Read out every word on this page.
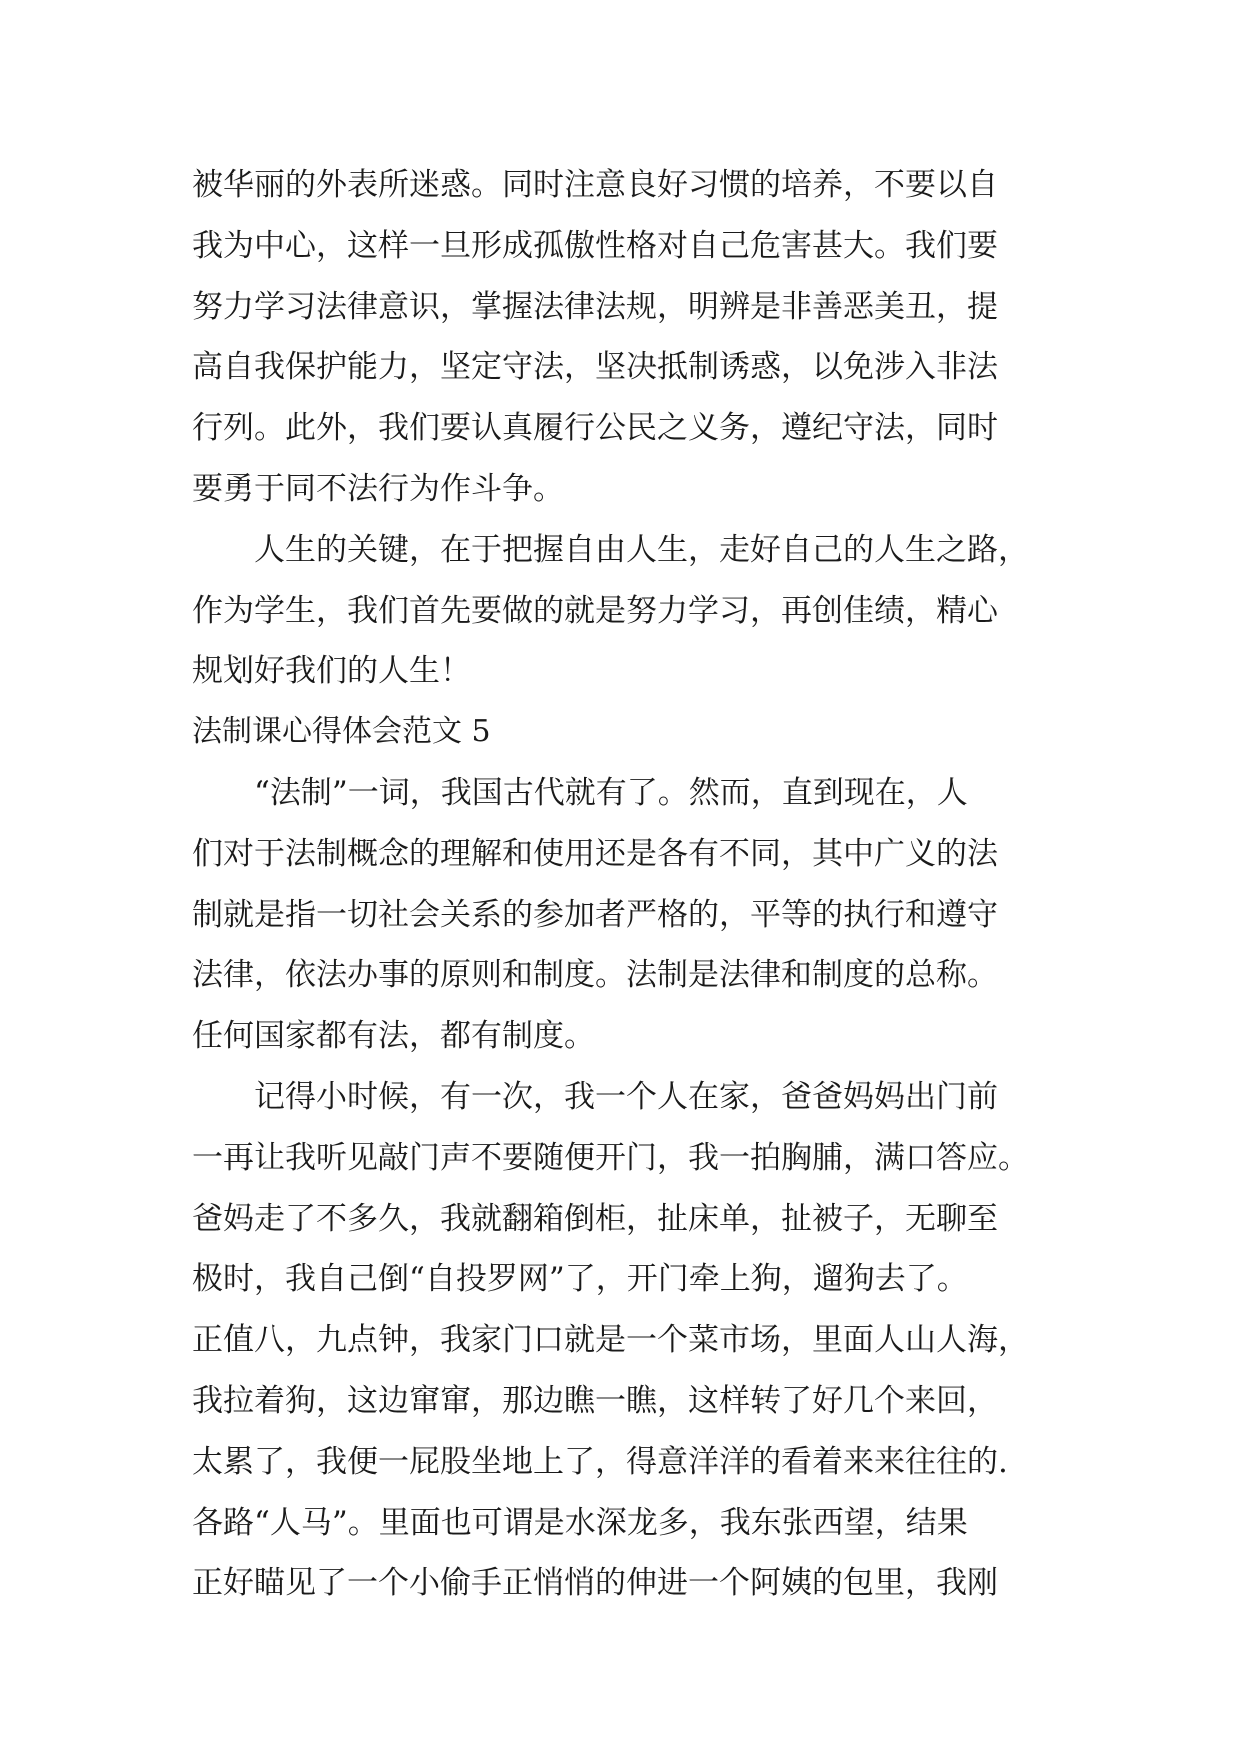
被华丽的外表所迷惑。同时注意良好习惯的培养，不要以自
我为中心，这样一旦形成孤傲性格对自己危害甚大。我们要
努力学习法律意识，掌握法律法规，明辨是非善恶美丑，提
高自我保护能力，坚定守法，坚决抵制诱惑，以免涉入非法
行列。此外，我们要认真履行公民之义务，遵纪守法，同时
要勇于同不法行为作斗争。
人生的关键，在于把握自由人生，走好自己的人生之路，
作为学生，我们首先要做的就是努力学习，再创佳绩，精心
规划好我们的人生！
法制课心得体会范文 5
“法制”一词，我国古代就有了。然而，直到现在，人
们对于法制概念的理解和使用还是各有不同，其中广义的法
制就是指一切社会关系的参加者严格的，平等的执行和遵守
法律，依法办事的原则和制度。法制是法律和制度的总称。
任何国家都有法，都有制度。
记得小时候，有一次，我一个人在家，爸爸妈妈出门前
一再让我听见敲门声不要随便开门，我一拍胸脯，满口答应。
爸妈走了不多久，我就翻箱倒柜，扯床单，扯被子，无聊至
极时，我自己倒“自投罗网”了，开门牵上狗，遛狗去了。
正值八，九点钟，我家门口就是一个菜市场，里面人山人海，
我拉着狗，这边窜窜，那边瞧一瞧，这样转了好几个来回，
太累了，我便一屁股坐地上了，得意洋洋的看着来来往往的.
各路“人马”。里面也可谓是水深龙多，我东张西望，结果
正好瞄见了一个小偷手正悄悄的伸进一个阿姨的包里，我刚
